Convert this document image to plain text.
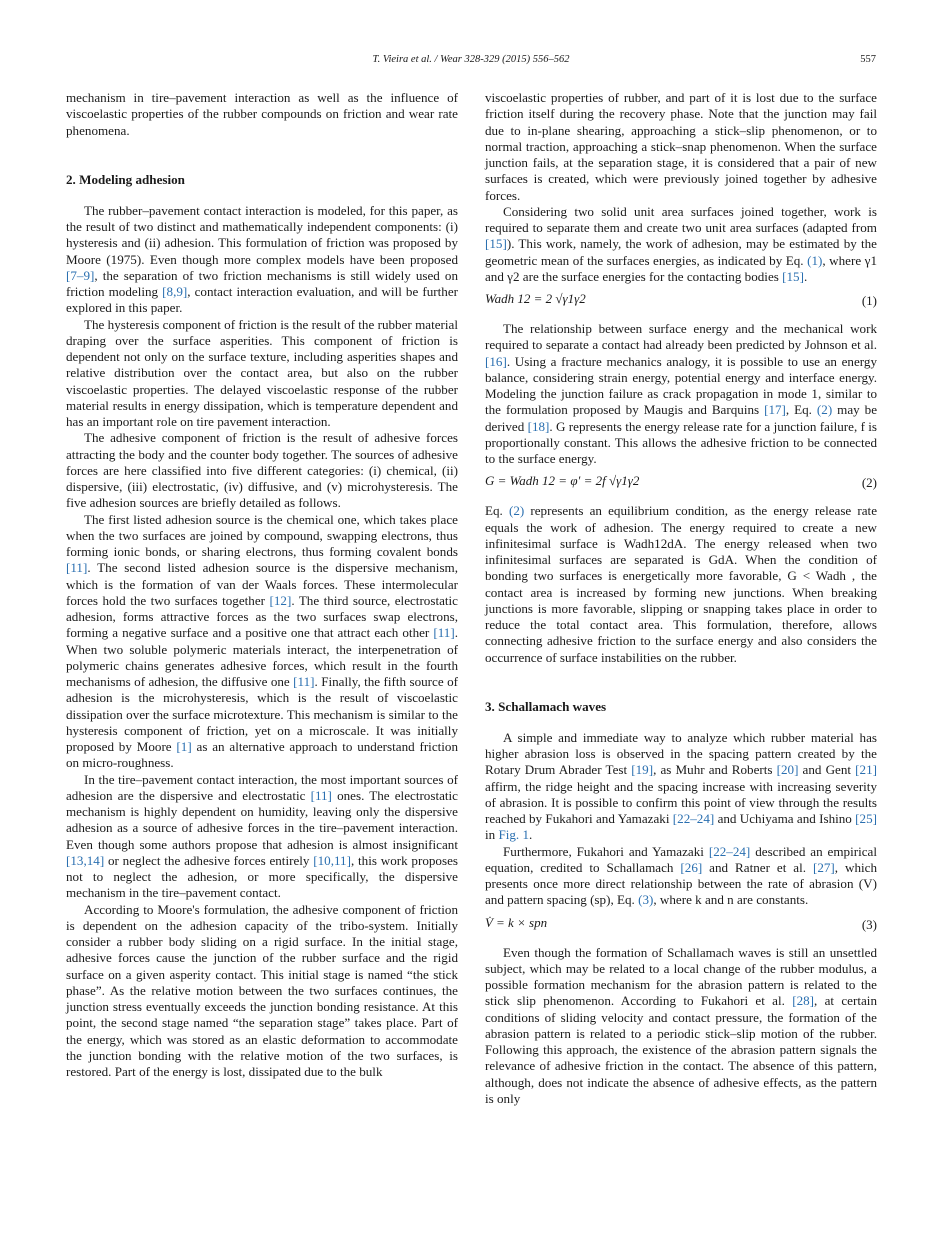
T. Vieira et al. / Wear 328-329 (2015) 556–562	557

mechanism in tire–pavement interaction as well as the influence of viscoelastic properties of the rubber compounds on friction and wear rate phenomena.

2. Modeling adhesion

The rubber–pavement contact interaction is modeled, for this paper, as the result of two distinct and mathematically independent components: (i) hysteresis and (ii) adhesion. This formulation of friction was proposed by Moore (1975). Even though more complex models have been proposed [7–9], the separation of two friction mechanisms is still widely used on friction modeling [8,9], contact interaction evaluation, and will be further explored in this paper.

The hysteresis component of friction is the result of the rubber material draping over the surface asperities. This component of friction is dependent not only on the surface texture, including asperities shapes and relative distribution over the contact area, but also on the rubber viscoelastic properties. The delayed viscoelastic response of the rubber material results in energy dissipation, which is temperature dependent and has an important role on tire pavement interaction.

The adhesive component of friction is the result of adhesive forces attracting the body and the counter body together. The sources of adhesive forces are here classified into five different categories: (i) chemical, (ii) dispersive, (iii) electrostatic, (iv) diffusive, and (v) microhysteresis. The five adhesion sources are briefly detailed as follows.

The first listed adhesion source is the chemical one, which takes place when the two surfaces are joined by compound, swapping electrons, thus forming ionic bonds, or sharing electrons, thus forming covalent bonds [11]. The second listed adhesion source is the dispersive mechanism, which is the formation of van der Waals forces. These intermolecular forces hold the two surfaces together [12]. The third source, electrostatic adhesion, forms attractive forces as the two surfaces swap electrons, forming a negative surface and a positive one that attract each other [11]. When two soluble polymeric materials interact, the interpenetration of polymeric chains generates adhesive forces, which result in the fourth mechanisms of adhesion, the diffusive one [11]. Finally, the fifth source of adhesion is the microhysteresis, which is the result of viscoelastic dissipation over the surface microtexture. This mechanism is similar to the hysteresis component of friction, yet on a microscale. It was initially proposed by Moore [1] as an alternative approach to understand friction on micro-roughness.

In the tire–pavement contact interaction, the most important sources of adhesion are the dispersive and electrostatic [11] ones. The electrostatic mechanism is highly dependent on humidity, leaving only the dispersive adhesion as a source of adhesive forces in the tire–pavement interaction. Even though some authors propose that adhesion is almost insignificant [13,14] or neglect the adhesive forces entirely [10,11], this work proposes not to neglect the adhesion, or more specifically, the dispersive mechanism in the tire–pavement contact.

According to Moore's formulation, the adhesive component of friction is dependent on the adhesion capacity of the tribo-system. Initially consider a rubber body sliding on a rigid surface. In the initial stage, adhesive forces cause the junction of the rubber surface and the rigid surface on a given asperity contact. This initial stage is named “the stick phase”. As the relative motion between the two surfaces continues, the junction stress eventually exceeds the junction bonding resistance. At this point, the second stage named “the separation stage” takes place. Part of the energy, which was stored as an elastic deformation to accommodate the junction bonding with the relative motion of the two surfaces, is restored. Part of the energy is lost, dissipated due to the bulk

viscoelastic properties of rubber, and part of it is lost due to the surface friction itself during the recovery phase. Note that the junction may fail due to in-plane shearing, approaching a stick–slip phenomenon, or to normal traction, approaching a stick–snap phenomenon. When the surface junction fails, at the separation stage, it is considered that a pair of new surfaces is created, which were previously joined together by adhesive forces.

Considering two solid unit area surfaces joined together, work is required to separate them and create two unit area surfaces (adapted from [15]). This work, namely, the work of adhesion, may be estimated by the geometric mean of the surfaces energies, as indicated by Eq. (1), where γ1 and γ2 are the surface energies for the contacting bodies [15].

Wadh 12 = 2 √γ1γ2	(1)

The relationship between surface energy and the mechanical work required to separate a contact had already been predicted by Johnson et al. [16]. Using a fracture mechanics analogy, it is possible to use an energy balance, considering strain energy, potential energy and interface energy. Modeling the junction failure as crack propagation in mode 1, similar to the formulation proposed by Maugis and Barquins [17], Eq. (2) may be derived [18]. G represents the energy release rate for a junction failure, f is proportionally constant. This allows the adhesive friction to be connected to the surface energy.

G = Wadh 12 = φ′ = 2f √γ1γ2	(2)

Eq. (2) represents an equilibrium condition, as the energy release rate equals the work of adhesion. The energy required to create a new infinitesimal surface is Wadh12dA. The energy released when two infinitesimal surfaces are separated is GdA. When the condition of bonding two surfaces is energetically more favorable, G < Wadh , the contact area is increased by forming new junctions. When breaking junctions is more favorable, slipping or snapping takes place in order to reduce the total contact area. This formulation, therefore, allows connecting adhesive friction to the surface energy and also considers the occurrence of surface instabilities on the rubber.

3. Schallamach waves

A simple and immediate way to analyze which rubber material has higher abrasion loss is observed in the spacing pattern created by the Rotary Drum Abrader Test [19], as Muhr and Roberts [20] and Gent [21] affirm, the ridge height and the spacing increase with increasing severity of abrasion. It is possible to confirm this point of view through the results reached by Fukahori and Yamazaki [22–24] and Uchiyama and Ishino [25] in Fig. 1.

Furthermore, Fukahori and Yamazaki [22–24] described an empirical equation, credited to Schallamach [26] and Ratner et al. [27], which presents once more direct relationship between the rate of abrasion (V) and pattern spacing (sp), Eq. (3), where k and n are constants.

V̇ = k × spn	(3)

Even though the formation of Schallamach waves is still an unsettled subject, which may be related to a local change of the rubber modulus, a possible formation mechanism for the abrasion pattern is related to the stick slip phenomenon. According to Fukahori et al. [28], at certain conditions of sliding velocity and contact pressure, the formation of the abrasion pattern is related to a periodic stick–slip motion of the rubber. Following this approach, the existence of the abrasion pattern signals the relevance of adhesive friction in the contact. The absence of this pattern, although, does not indicate the absence of adhesive effects, as the pattern is only
